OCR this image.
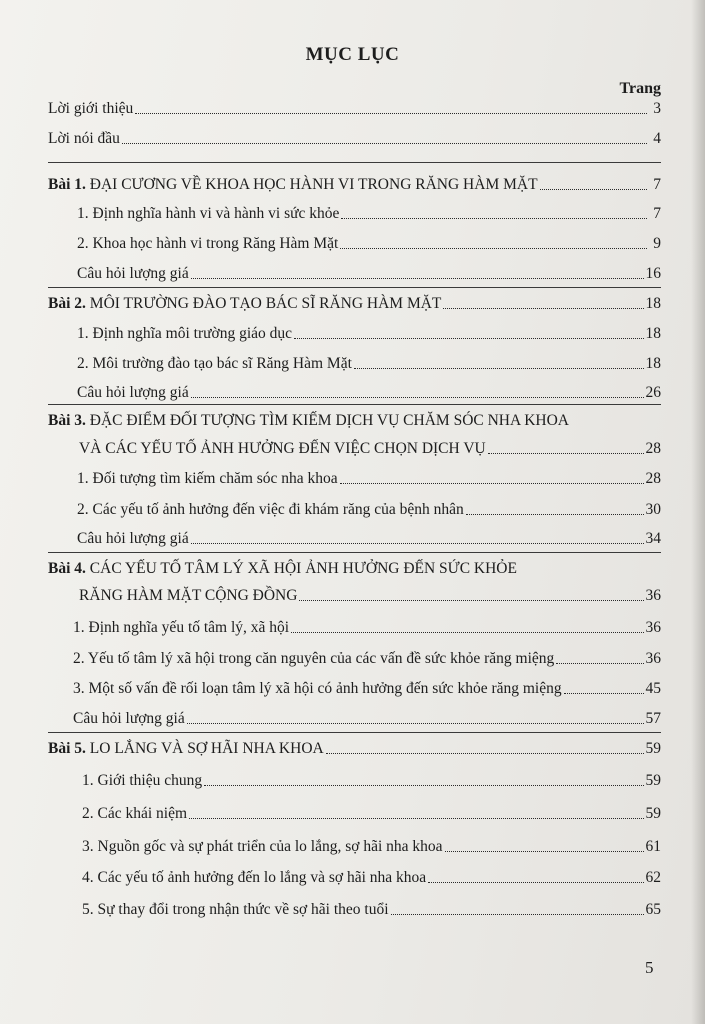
MỤC LỤC
Trang
Lời giới thiệu	3
Lời nói đầu	4
Bài 1. ĐẠI CƯƠNG VỀ KHOA HỌC HÀNH VI TRONG RĂNG HÀM MẶT	7
1. Định nghĩa hành vi và hành vi sức khỏe	7
2. Khoa học hành vi trong Răng Hàm Mặt	9
Câu hỏi lượng giá	16
Bài 2. MÔI TRƯỜNG ĐÀO TẠO BÁC SĨ RĂNG HÀM MẶT	18
1. Định nghĩa môi trường giáo dục	18
2. Môi trường đào tạo bác sĩ Răng Hàm Mặt	18
Câu hỏi lượng giá	26
Bài 3. ĐẶC ĐIỂM ĐỐI TƯỢNG TÌM KIẾM DỊCH VỤ CHĂM SÓC NHA KHOA
VÀ CÁC YẾU TỐ ẢNH HƯỞNG ĐẾN VIỆC CHỌN DỊCH VỤ	28
1. Đối tượng tìm kiếm chăm sóc nha khoa	28
2. Các yếu tố ảnh hưởng đến việc đi khám răng của bệnh nhân	30
Câu hỏi lượng giá	34
Bài 4. CÁC YẾU TỐ TÂM LÝ XÃ HỘI ẢNH HƯỞNG ĐẾN SỨC KHỎE
RĂNG HÀM MẶT CỘNG ĐỒNG	36
1. Định nghĩa yếu tố tâm lý, xã hội	36
2. Yếu tố tâm lý xã hội trong căn nguyên của các vấn đề sức khỏe răng miệng	36
3. Một số vấn đề rối loạn tâm lý xã hội có ảnh hưởng đến sức khỏe răng miệng	45
Câu hỏi lượng giá	57
Bài 5. LO LẮNG VÀ SỢ HÃI NHA KHOA	59
1. Giới thiệu chung	59
2. Các khái niệm	59
3. Nguồn gốc và sự phát triển của lo lắng, sợ hãi nha khoa	61
4. Các yếu tố ảnh hưởng đến lo lắng và sợ hãi nha khoa	62
5. Sự thay đổi trong nhận thức về sợ hãi theo tuổi	65
5
